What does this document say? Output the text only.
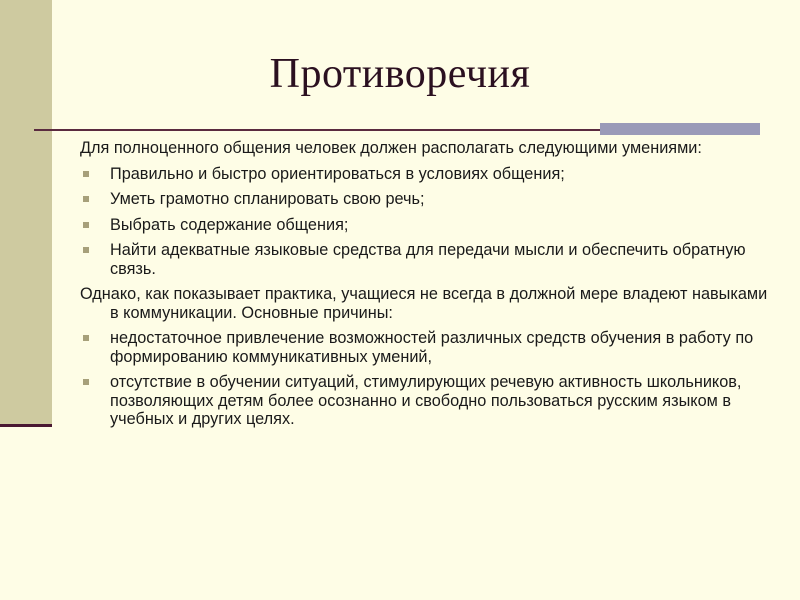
Противоречия

Для полноценного общения человек должен располагать следующими умениями:

Правильно и быстро ориентироваться в условиях общения;
Уметь грамотно спланировать свою речь;
Выбрать содержание общения;
Найти адекватные языковые средства для передачи мысли и обеспечить обратную связь.

Однако, как показывает практика, учащиеся не всегда в должной мере владеют навыками в коммуникации. Основные причины:

недостаточное привлечение возможностей различных средств обучения в работу по формированию коммуникативных умений,
отсутствие в обучении ситуаций, стимулирующих речевую активность школьников, позволяющих детям более осознанно и свободно пользоваться русским языком в учебных и других целях.
